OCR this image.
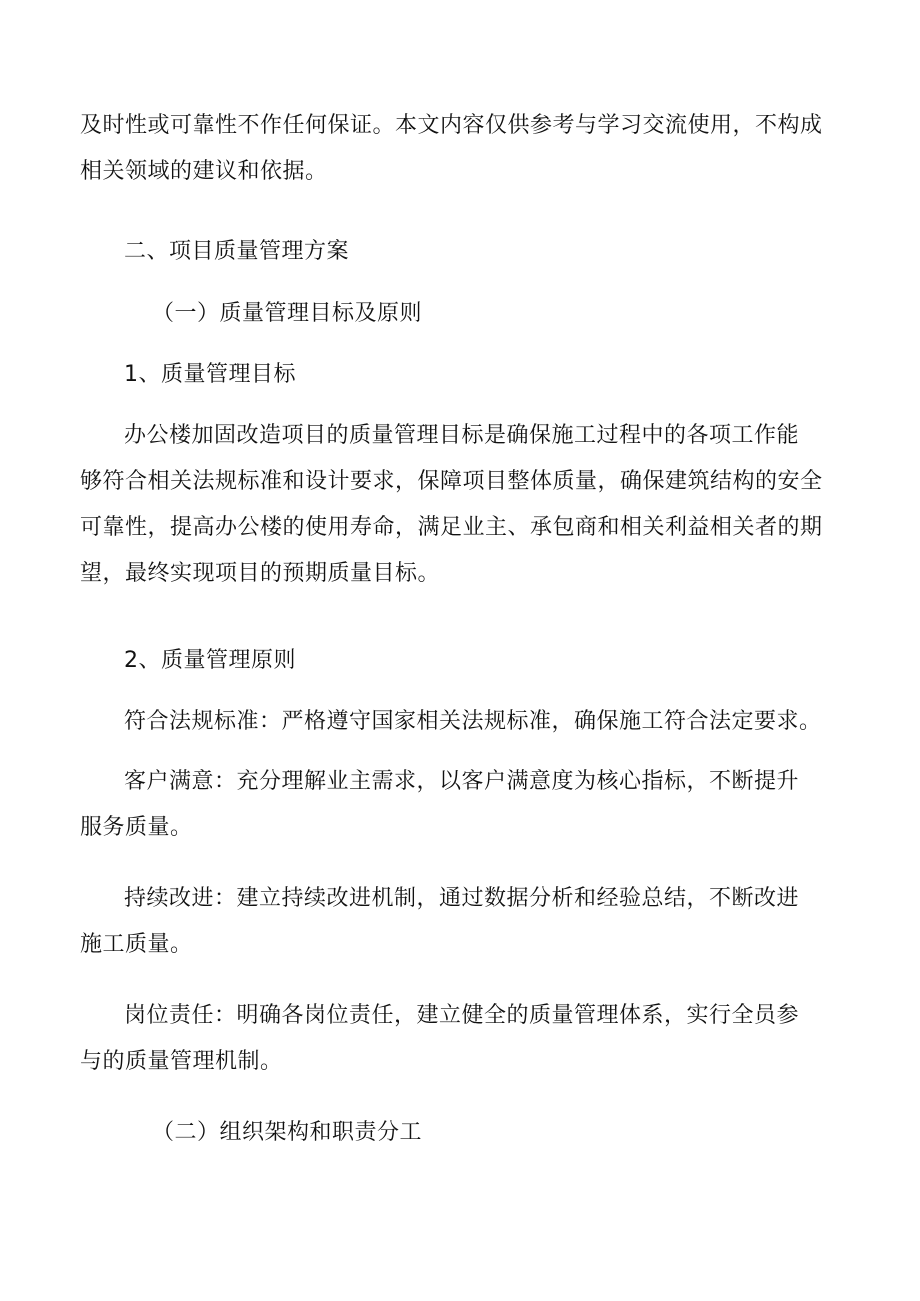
及时性或可靠性不作任何保证。本文内容仅供参考与学习交流使用，不构成
相关领域的建议和依据。
二、项目质量管理方案
（一）质量管理目标及原则
1、质量管理目标
办公楼加固改造项目的质量管理目标是确保施工过程中的各项工作能
够符合相关法规标准和设计要求，保障项目整体质量，确保建筑结构的安全
可靠性，提高办公楼的使用寿命，满足业主、承包商和相关利益相关者的期
望，最终实现项目的预期质量目标。
2、质量管理原则
符合法规标准：严格遵守国家相关法规标准，确保施工符合法定要求。
客户满意：充分理解业主需求，以客户满意度为核心指标，不断提升
服务质量。
持续改进：建立持续改进机制，通过数据分析和经验总结，不断改进
施工质量。
岗位责任：明确各岗位责任，建立健全的质量管理体系，实行全员参
与的质量管理机制。
（二）组织架构和职责分工
